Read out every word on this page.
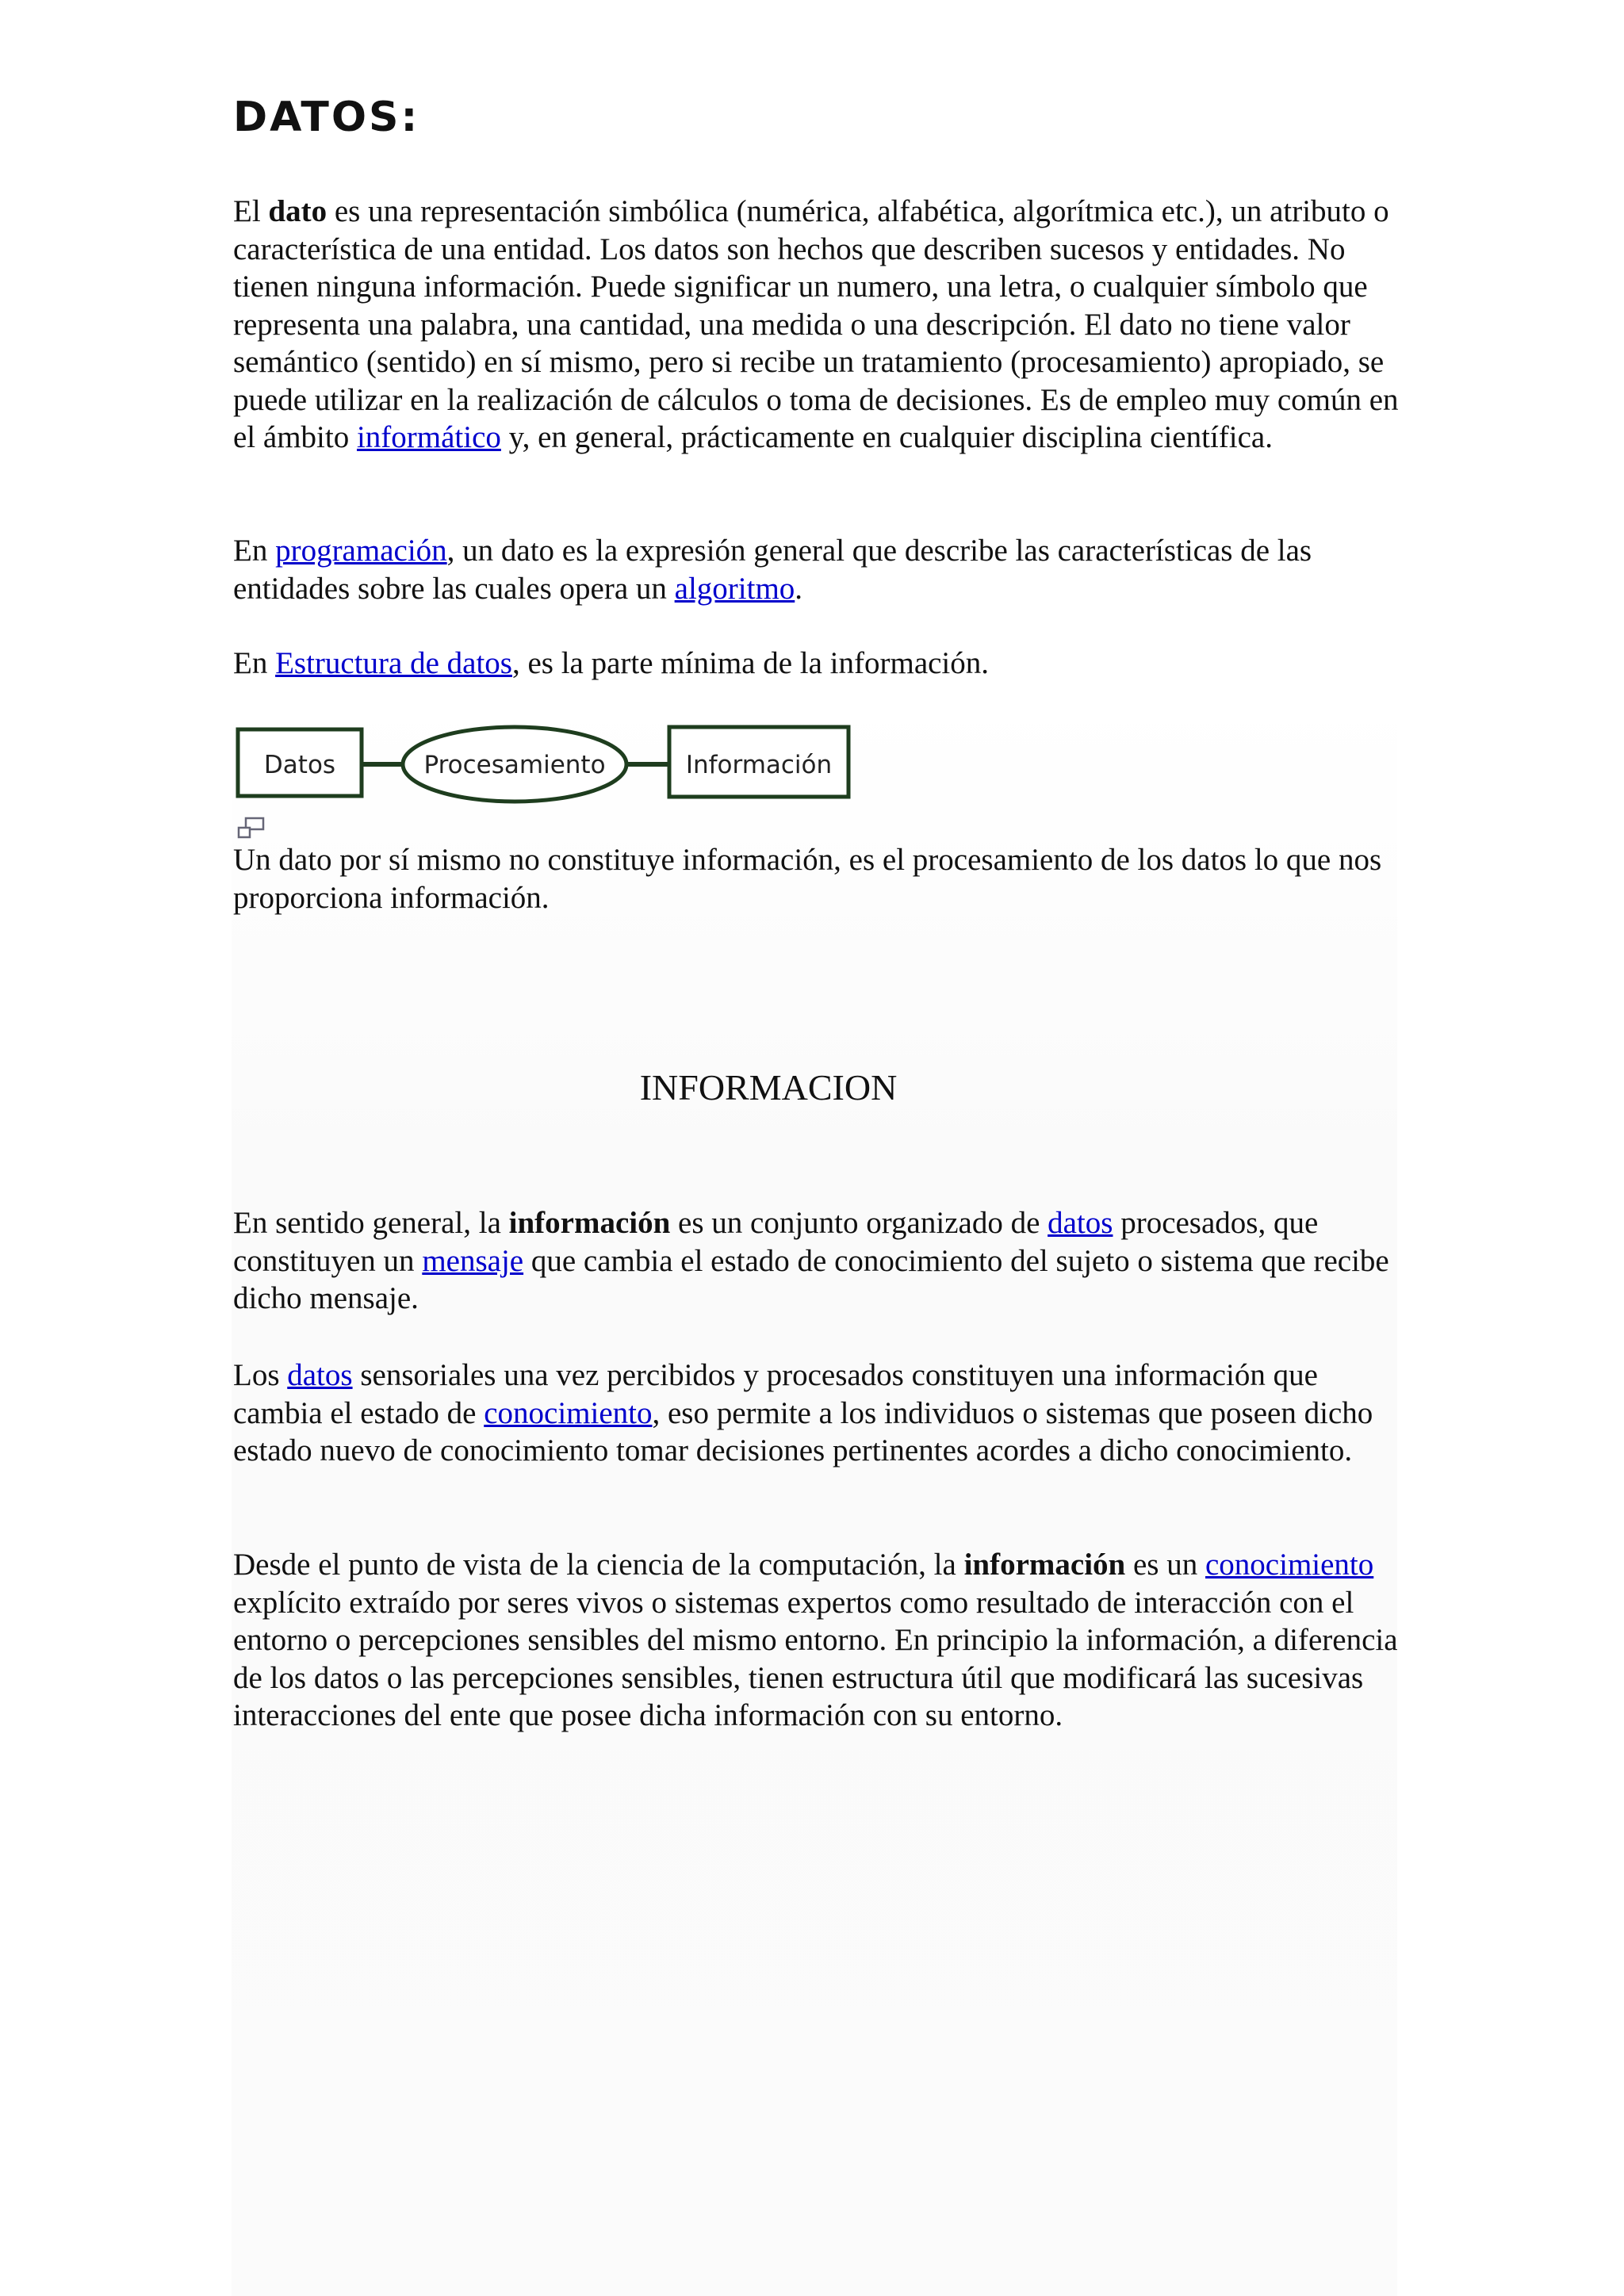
DATOS:

El dato es una representación simbólica (numérica, alfabética, algorítmica etc.), un atributo o característica de una entidad. Los datos son hechos que describen sucesos y entidades. No tienen ninguna información. Puede significar un numero, una letra, o cualquier símbolo que representa una palabra, una cantidad, una medida o una descripción. El dato no tiene valor semántico (sentido) en sí mismo, pero si recibe un tratamiento (procesamiento) apropiado, se puede utilizar en la realización de cálculos o toma de decisiones. Es de empleo muy común en el ámbito informático y, en general, prácticamente en cualquier disciplina científica.

En programación, un dato es la expresión general que describe las características de las entidades sobre las cuales opera un algoritmo.

En Estructura de datos, es la parte mínima de la información.

Datos	Procesamiento	Información

Un dato por sí mismo no constituye información, es el procesamiento de los datos lo que nos proporciona información.

INFORMACION

En sentido general, la información es un conjunto organizado de datos procesados, que constituyen un mensaje que cambia el estado de conocimiento del sujeto o sistema que recibe dicho mensaje.

Los datos sensoriales una vez percibidos y procesados constituyen una información que cambia el estado de conocimiento, eso permite a los individuos o sistemas que poseen dicho estado nuevo de conocimiento tomar decisiones pertinentes acordes a dicho conocimiento.

Desde el punto de vista de la ciencia de la computación, la información es un conocimiento explícito extraído por seres vivos o sistemas expertos como resultado de interacción con el entorno o percepciones sensibles del mismo entorno. En principio la información, a diferencia de los datos o las percepciones sensibles, tienen estructura útil que modificará las sucesivas interacciones del ente que posee dicha información con su entorno.
